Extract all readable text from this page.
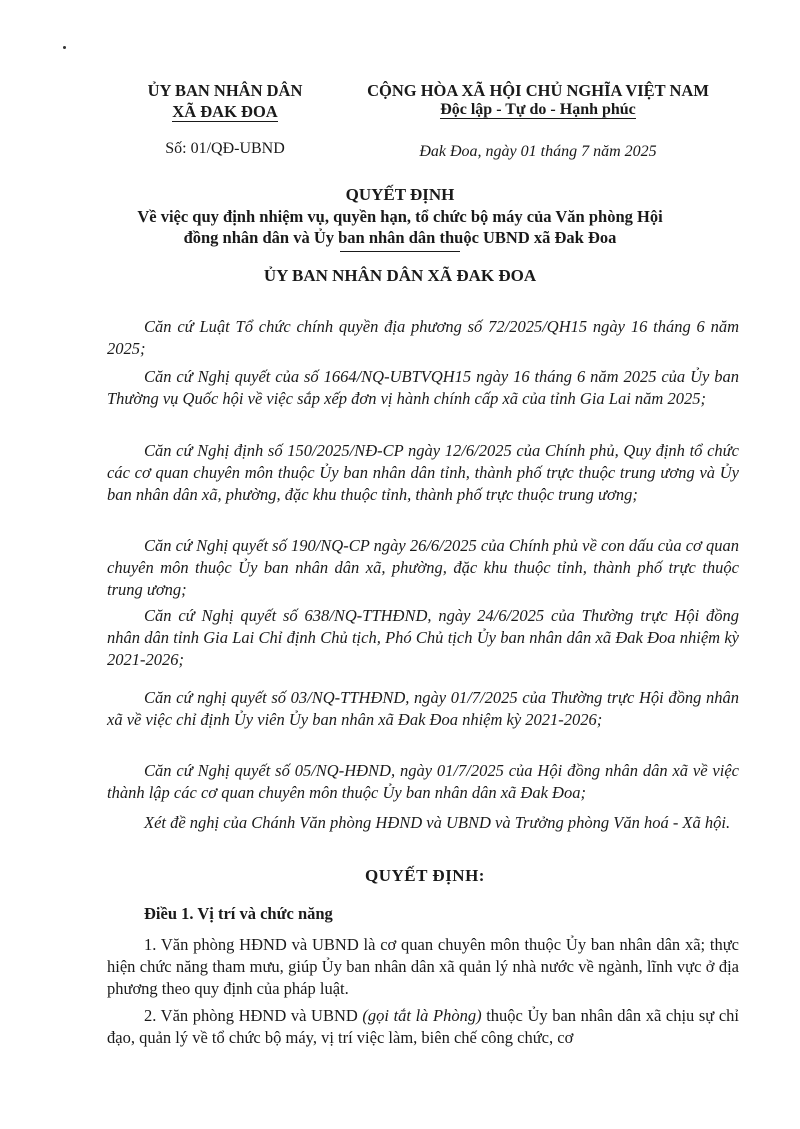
ỦY BAN NHÂN DÂN
XÃ ĐAK ĐOA
Số: 01/QĐ-UBND
CỘNG HÒA XÃ HỘI CHỦ NGHĨA VIỆT NAM
Độc lập - Tự do - Hạnh phúc
Đak Đoa, ngày 01 tháng 7 năm 2025
QUYẾT ĐỊNH
Về việc quy định nhiệm vụ, quyền hạn, tổ chức bộ máy của Văn phòng Hội
đồng nhân dân và Ủy ban nhân dân thuộc UBND xã Đak Đoa
ỦY BAN NHÂN DÂN XÃ ĐAK ĐOA
Căn cứ Luật Tổ chức chính quyền địa phương số 72/2025/QH15 ngày 16 tháng 6 năm 2025;
Căn cứ Nghị quyết của số 1664/NQ-UBTVQH15 ngày 16 tháng 6 năm 2025 của Ủy ban Thường vụ Quốc hội về việc sắp xếp đơn vị hành chính cấp xã của tỉnh Gia Lai năm 2025;
Căn cứ Nghị định số 150/2025/NĐ-CP ngày 12/6/2025 của Chính phủ, Quy định tổ chức các cơ quan chuyên môn thuộc Ủy ban nhân dân tỉnh, thành phố trực thuộc trung ương và Ủy ban nhân dân xã, phường, đặc khu thuộc tỉnh, thành phố trực thuộc trung ương;
Căn cứ Nghị quyết số 190/NQ-CP ngày 26/6/2025 của Chính phủ về con dấu của cơ quan chuyên môn thuộc Ủy ban nhân dân xã, phường, đặc khu thuộc tỉnh, thành phố trực thuộc trung ương;
Căn cứ Nghị quyết số 638/NQ-TTHĐND, ngày 24/6/2025 của Thường trực Hội đồng nhân dân tỉnh Gia Lai Chỉ định Chủ tịch, Phó Chủ tịch Ủy ban nhân dân xã Đak Đoa nhiệm kỳ 2021-2026;
Căn cứ nghị quyết số 03/NQ-TTHĐND, ngày 01/7/2025 của Thường trực Hội đồng nhân xã về việc chỉ định Ủy viên Ủy ban nhân xã Đak Đoa nhiệm kỳ 2021-2026;
Căn cứ Nghị quyết số 05/NQ-HĐND, ngày 01/7/2025 của Hội đồng nhân dân xã về việc thành lập các cơ quan chuyên môn thuộc Ủy ban nhân dân xã Đak Đoa;
Xét đề nghị của Chánh Văn phòng HĐND và UBND và Trưởng phòng Văn hoá - Xã hội.
QUYẾT ĐỊNH:
Điều 1. Vị trí và chức năng
1. Văn phòng HĐND và UBND là cơ quan chuyên môn thuộc Ủy ban nhân dân xã; thực hiện chức năng tham mưu, giúp Ủy ban nhân dân xã quản lý nhà nước về ngành, lĩnh vực ở địa phương theo quy định của pháp luật.
2. Văn phòng HĐND và UBND (gọi tắt là Phòng) thuộc Ủy ban nhân dân xã chịu sự chỉ đạo, quản lý về tổ chức bộ máy, vị trí việc làm, biên chế công chức, cơ
